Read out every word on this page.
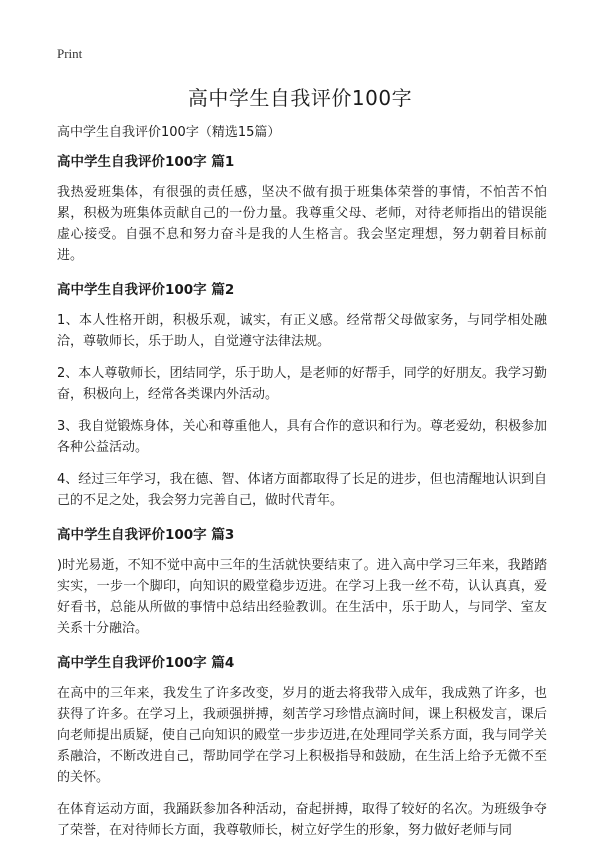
Print
高中学生自我评价100字

高中学生自我评价100字（精选15篇）

高中学生自我评价100字 篇1

我热爱班集体，有很强的责任感，坚决不做有损于班集体荣誉的事情，不怕苦不怕累，积极为班集体贡献自己的一份力量。我尊重父母、老师，对待老师指出的错误能虚心接受。自强不息和努力奋斗是我的人生格言。我会坚定理想，努力朝着目标前进。

高中学生自我评价100字 篇2

1、本人性格开朗，积极乐观，诚实，有正义感。经常帮父母做家务，与同学相处融洽，尊敬师长，乐于助人，自觉遵守法律法规。

2、本人尊敬师长，团结同学，乐于助人，是老师的好帮手，同学的好朋友。我学习勤奋，积极向上，经常各类课内外活动。

3、我自觉锻炼身体，关心和尊重他人，具有合作的意识和行为。尊老爱幼，积极参加各种公益活动。

4、经过三年学习，我在德、智、体诸方面都取得了长足的进步，但也清醒地认识到自己的不足之处，我会努力完善自己，做时代青年。

高中学生自我评价100字 篇3

)时光易逝，不知不觉中高中三年的生活就快要结束了。进入高中学习三年来，我踏踏实实，一步一个脚印，向知识的殿堂稳步迈进。在学习上我一丝不苟，认认真真，爱好看书，总能从所做的事情中总结出经验教训。在生活中，乐于助人，与同学、室友关系十分融洽。

高中学生自我评价100字 篇4

在高中的三年来，我发生了许多改变，岁月的逝去将我带入成年，我成熟了许多，也获得了许多。在学习上，我顽强拼搏，刻苦学习珍惜点滴时间，课上积极发言，课后向老师提出质疑，使自己向知识的殿堂一步步迈进,在处理同学关系方面，我与同学关系融洽，不断改进自己，帮助同学在学习上积极指导和鼓励，在生活上给予无微不至的关怀。

在体育运动方面，我踊跃参加各种活动，奋起拼搏，取得了较好的名次。为班级争夺了荣誉，在对待师长方面，我尊敬师长，树立好学生的形象，努力做好老师与同
